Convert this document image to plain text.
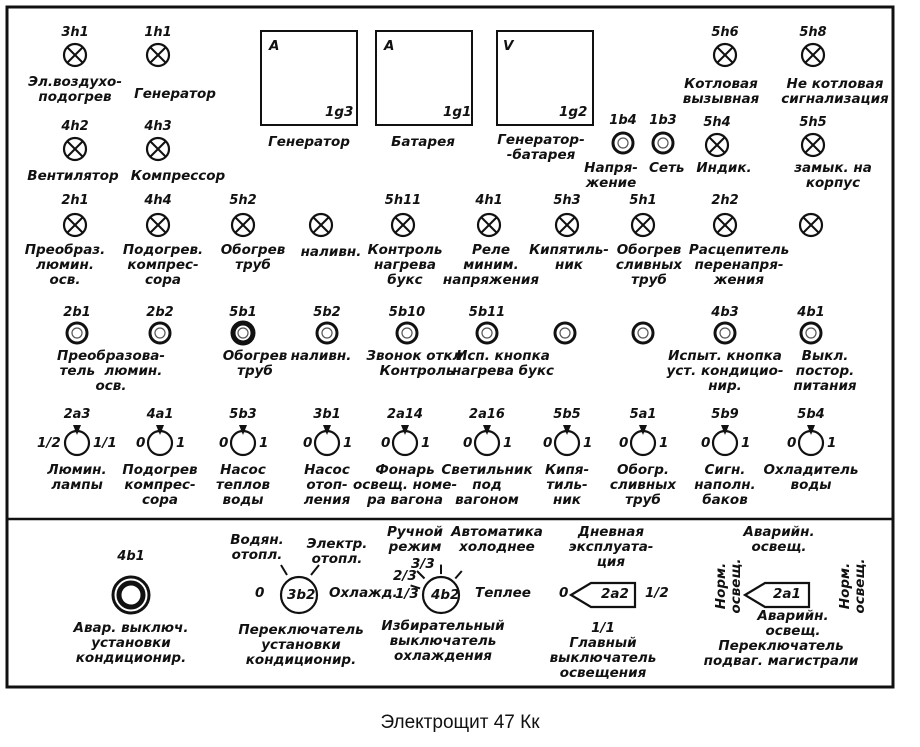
A
1g3
Генератор
A
1g1
Батарея
V
1g2
Генератор-
-батарея
3h1
Эл.воздухо-
подогрев
1h1
Генератор
5h6
Котловая
вызывная
5h8
Не котловая
сигнализация
4h2
Вентилятор
4h3
Компрессор
5h4
Индик.
5h5
замык. на
корпус
2h1
Преобраз.
люмин.
осв.
4h4
Подогрев.
компрес-
сора
5h2
Обогрев
труб
наливн.
5h11
Контроль
нагрева
букс
4h1
Реле
миним.
напряжения
5h3
Кипятиль-
ник
5h1
Обогрев
сливных
труб
2h2
Расцепитель
перенапря-
жения
1b4 1b3
Напря-
жение
Сеть
2b1	2b2	5b1	5b2	5b10	5b11	4b3	4b1
Преобразова-
тель  люмин.
осв.
Обогрев
труб
наливн. Звонок откл.
Контроль
Исп. кнопка
нагрева букс
Испыт. кнопка
уст. кондицио-
нир.
Выкл.
постор.
питания
2a3
1/2 1/1
Люмин.
лампы
4a1
0 1
Подогрев
компрес-
сора
5b3
0 1
Насос
теплов
воды
3b1
0 1
Насос
отоп-
ления
2a14
0 1
Фонарь
освещ. номе-
ра вагона
2a16
0 1
Светильник
под
вагоном
5b5
0 1
Кипя-
тиль-
ник
5a1
0 1
Обогр.
сливных
труб
5b9
0 1
Сигн.
наполн.
баков
5b4
0 1
Охладитель
воды
4b1
Авар. выключ.
установки
кондиционир.
Водян.
отопл.
Электр.
отопл.
0 3b2 Охлажд.
Переключатель
установки
кондиционир.
Ручной
режим
Автоматика
холоднее
3/3
2/3
1/3 4b2 Теплее
Избирательный
выключатель
охлаждения
Дневная
эксплуата-
ция
0 2a2 1/2
1/1
Главный
выключатель
освещения
Аварийн.
освещ.
Норм.
освещ.	Норм.
освещ.
2a1
Аварийн.
освещ.
Переключатель
подваг. магистрали
Электрощит 47 Кк
